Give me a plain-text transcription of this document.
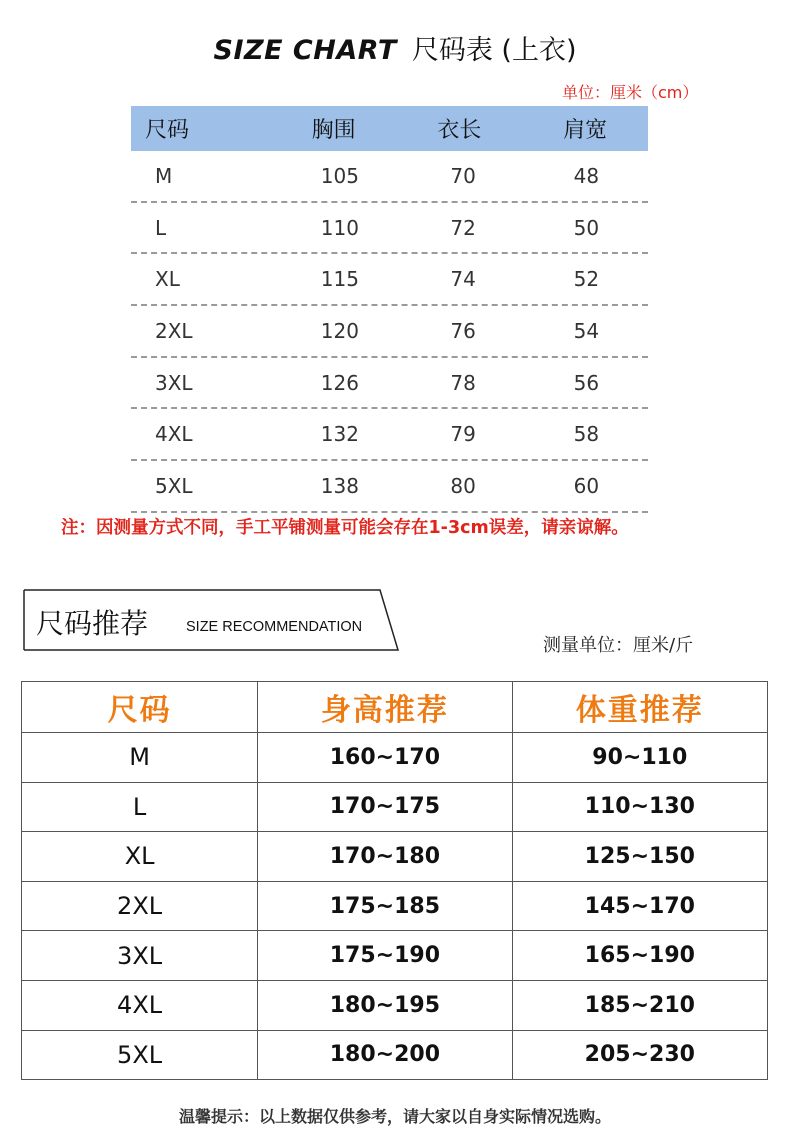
SIZE CHART 尺码表 (上衣)
单位：厘米（cm）
尺码	胸围	衣长	肩宽
M	105	70	48
L	110	72	50
XL	115	74	52
2XL	120	76	54
3XL	126	78	56
4XL	132	79	58
5XL	138	80	60
注：因测量方式不同，手工平铺测量可能会存在1-3cm误差，请亲谅解。
尺码推荐	SIZE RECOMMENDATION
测量单位：厘米/斤
尺码	身高推荐	体重推荐
M	160~170	90~110
L	170~175	110~130
XL	170~180	125~150
2XL	175~185	145~170
3XL	175~190	165~190
4XL	180~195	185~210
5XL	180~200	205~230
温馨提示：以上数据仅供参考，请大家以自身实际情况选购。
